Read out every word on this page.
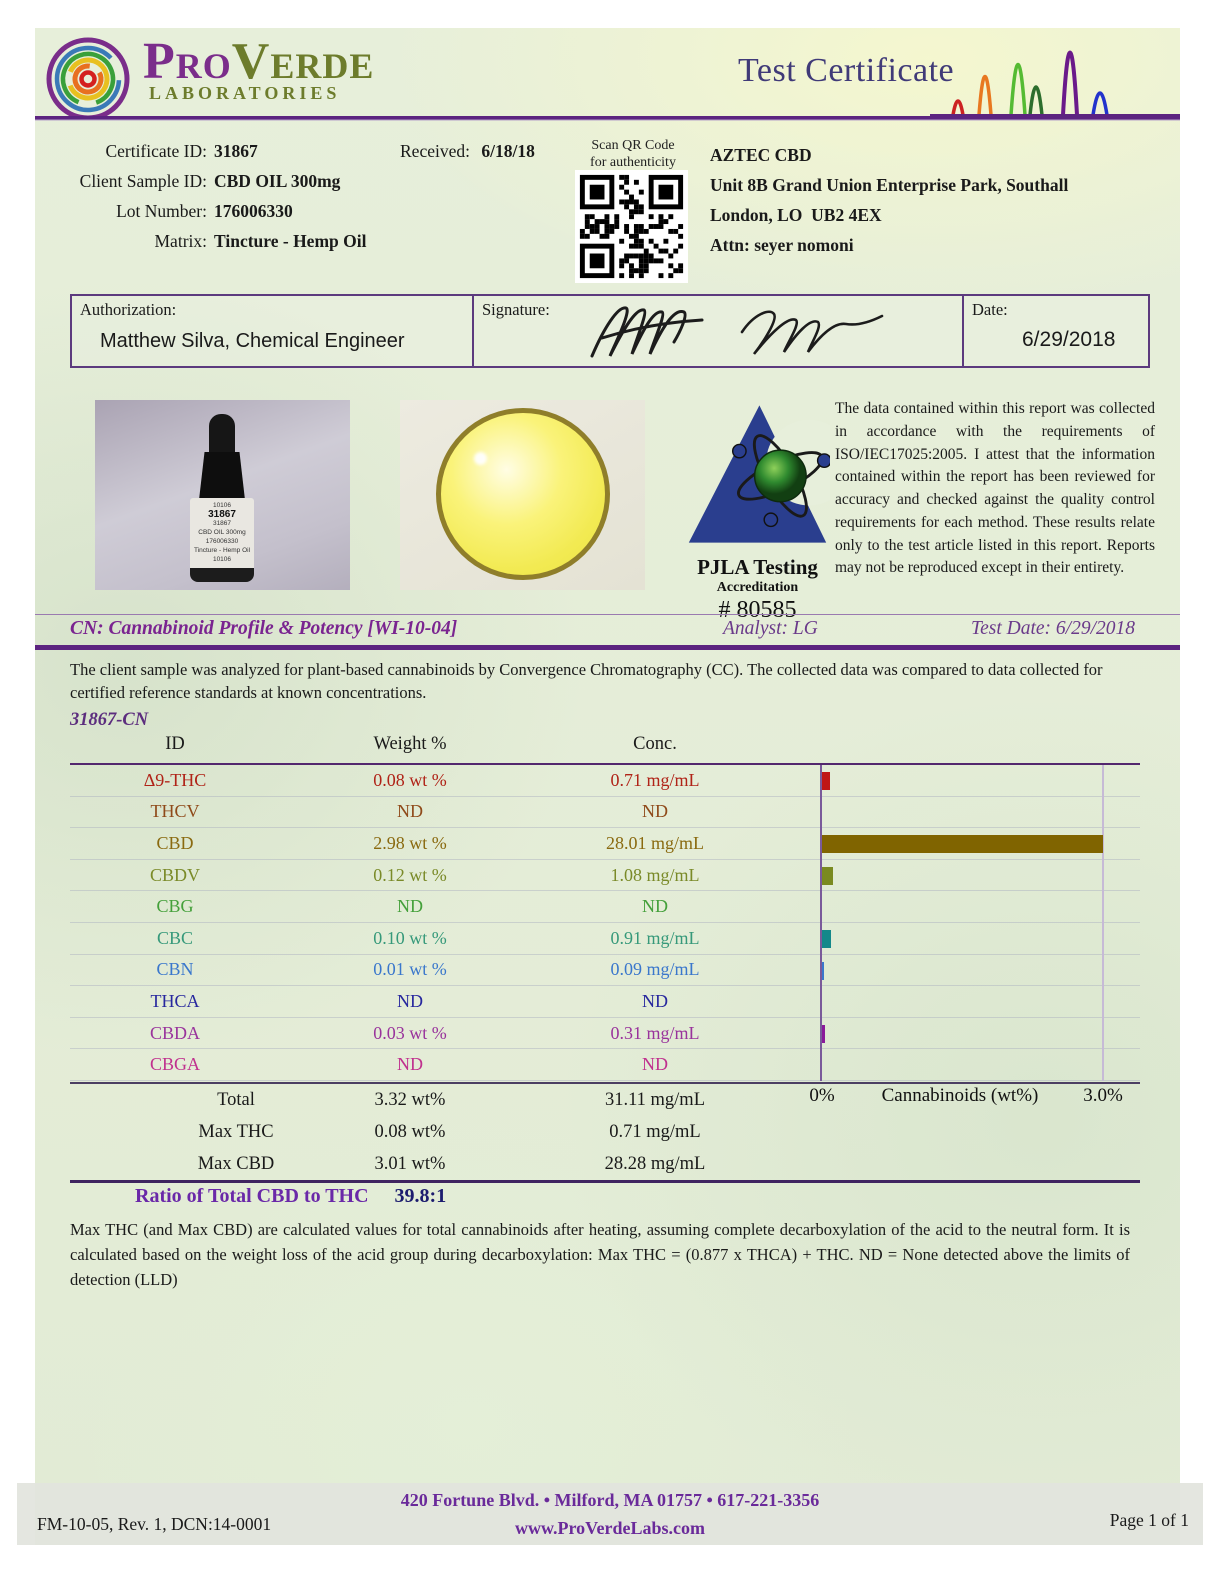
ProVerde
LABORATORIES
Test Certificate
Certificate ID: 31867
Client Sample ID: CBD OIL 300mg
Lot Number: 176006330
Matrix: Tincture - Hemp Oil
Received: 6/18/18	Scan QR Code
for authenticity	AZTEC CBD
Unit 8B Grand Union Enterprise Park, Southall
London, LO  UB2 4EX
Attn: seyer nomoni
Authorization:
Matthew Silva, Chemical Engineer
Signature:	Date:
6/29/2018
10106
31867
31867
CBD OIL 300mg
176006330
Tincture - Hemp Oil
10106	PJLA Testing
Accreditation
# 80585
The data contained within this report was collected in accordance with the requirements of ISO/IEC17025:2005. I attest that the information contained within the report has been reviewed for accuracy and checked against the quality control requirements for each method. These results relate only to the test article listed in this report. Reports may not be reproduced except in their entirety.
CN: Cannabinoid Profile & Potency [WI-10-04]	Analyst: LG	Test Date: 6/29/2018
The client sample was analyzed for plant-based cannabinoids by Convergence Chromatography (CC). The collected data was compared to data collected for certified reference standards at known concentrations.
31867-CN
ID	Weight %	Conc.
Δ9-THC	0.08 wt %	0.71 mg/mL
THCV	ND	ND
CBD	2.98 wt %	28.01 mg/mL
CBDV	0.12 wt %	1.08 mg/mL
CBG	ND	ND
CBC	0.10 wt %	0.91 mg/mL
CBN	0.01 wt %	0.09 mg/mL
THCA	ND	ND
CBDA	0.03 wt %	0.31 mg/mL
CBGA	ND	ND
0%	Cannabinoids (wt%)	3.0%
Total	3.32 wt%	31.11 mg/mL
Max THC	0.08 wt%	0.71 mg/mL
Max CBD	3.01 wt%	28.28 mg/mL
Ratio of Total CBD to THC 39.8:1
Max THC (and Max CBD) are calculated values for total cannabinoids after heating, assuming complete decarboxylation of the acid to the neutral form. It is calculated based on the weight loss of the acid group during decarboxylation: Max THC = (0.877 x THCA) + THC. ND = None detected above the limits of detection (LLD)
FM-10-05, Rev. 1, DCN:14-0001
420 Fortune Blvd. • Milford, MA 01757 • 617-221-3356
www.ProVerdeLabs.com	Page 1 of 1
